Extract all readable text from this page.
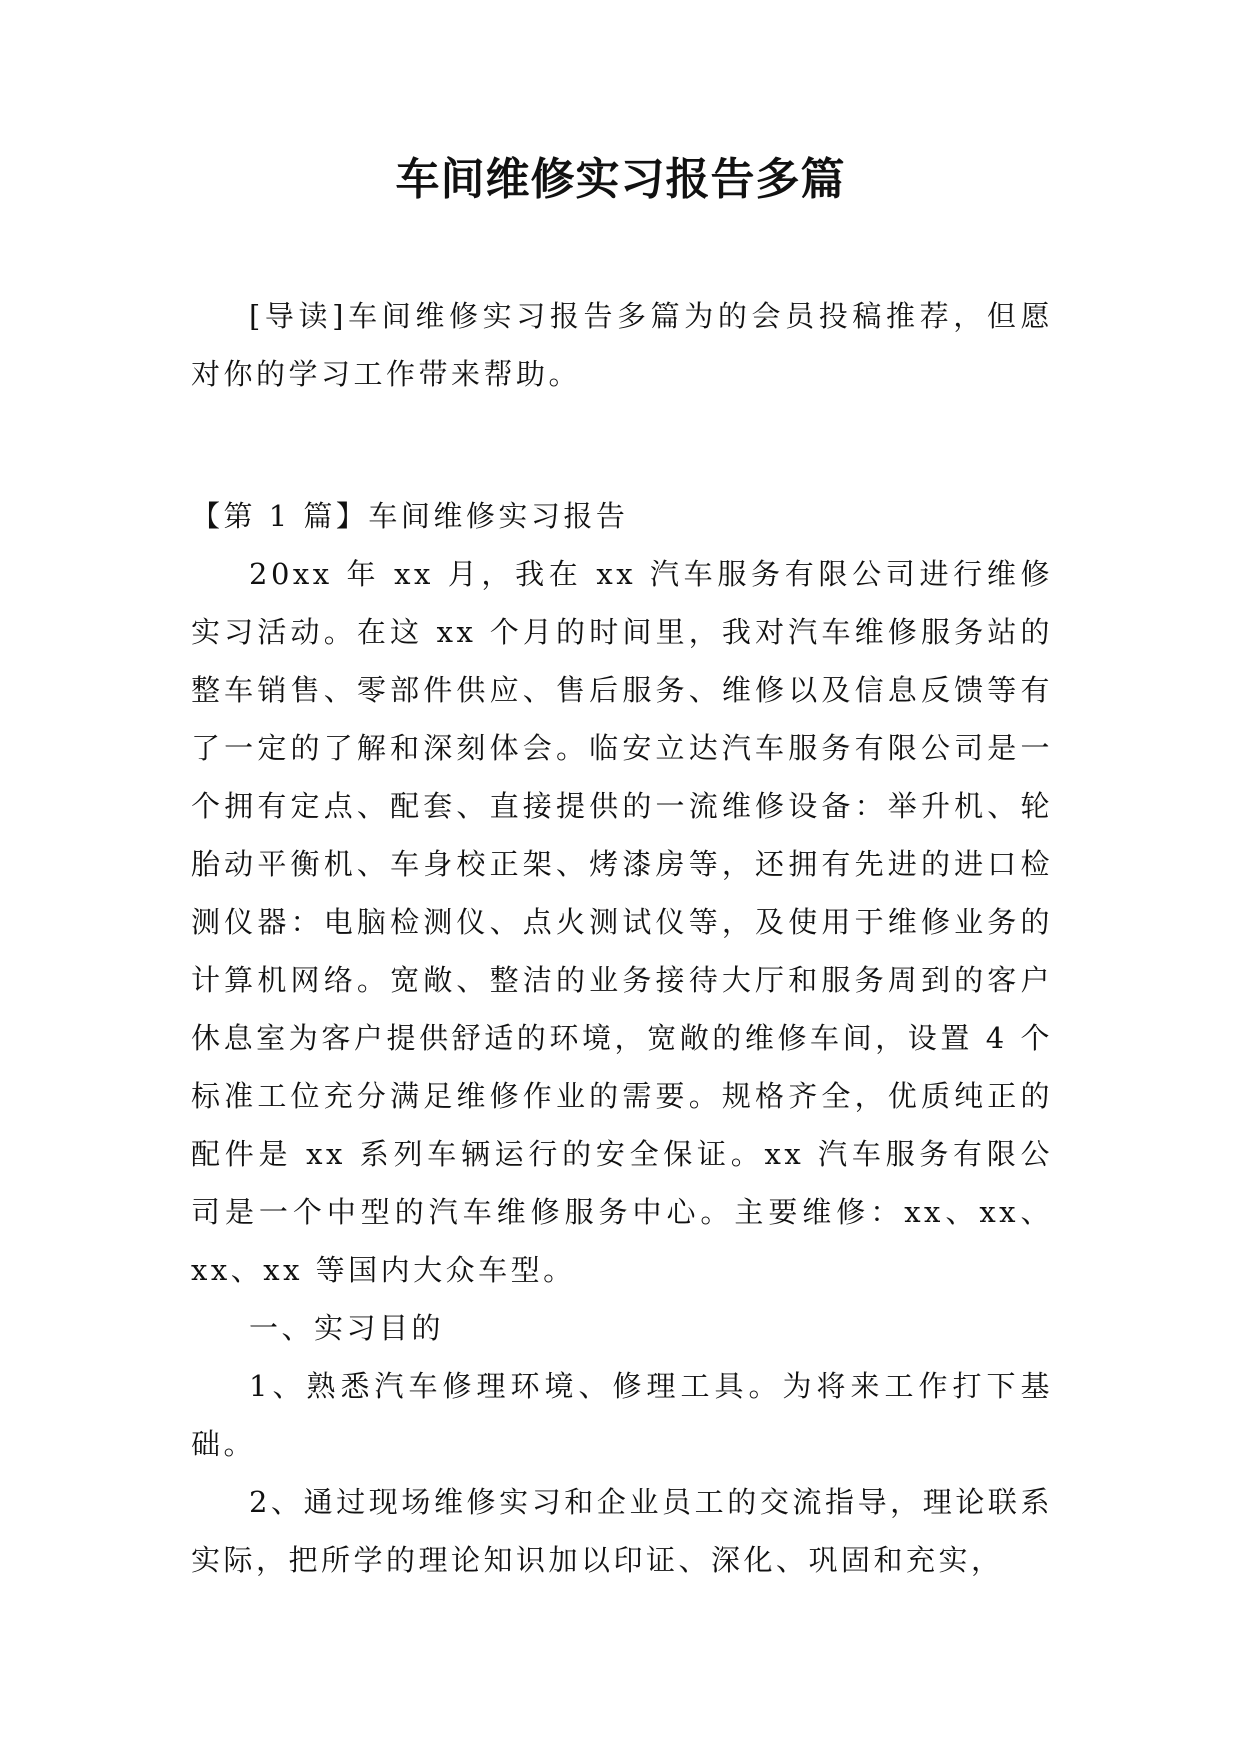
车间维修实习报告多篇

[导读]车间维修实习报告多篇为的会员投稿推荐，但愿对你的学习工作带来帮助。

【第 1 篇】车间维修实习报告

20xx 年 xx 月，我在 xx 汽车服务有限公司进行维修实习活动。在这 xx 个月的时间里，我对汽车维修服务站的整车销售、零部件供应、售后服务、维修以及信息反馈等有了一定的了解和深刻体会。临安立达汽车服务有限公司是一个拥有定点、配套、直接提供的一流维修设备：举升机、轮胎动平衡机、车身校正架、烤漆房等，还拥有先进的进口检测仪器：电脑检测仪、点火测试仪等，及使用于维修业务的计算机网络。宽敞、整洁的业务接待大厅和服务周到的客户休息室为客户提供舒适的环境，宽敞的维修车间，设置 4 个标准工位充分满足维修作业的需要。规格齐全，优质纯正的配件是 xx 系列车辆运行的安全保证。xx 汽车服务有限公司是一个中型的汽车维修服务中心。主要维修：xx、xx、xx、xx 等国内大众车型。

一、实习目的

1、熟悉汽车修理环境、修理工具。为将来工作打下基础。

2、通过现场维修实习和企业员工的交流指导，理论联系实际，把所学的理论知识加以印证、深化、巩固和充实，
